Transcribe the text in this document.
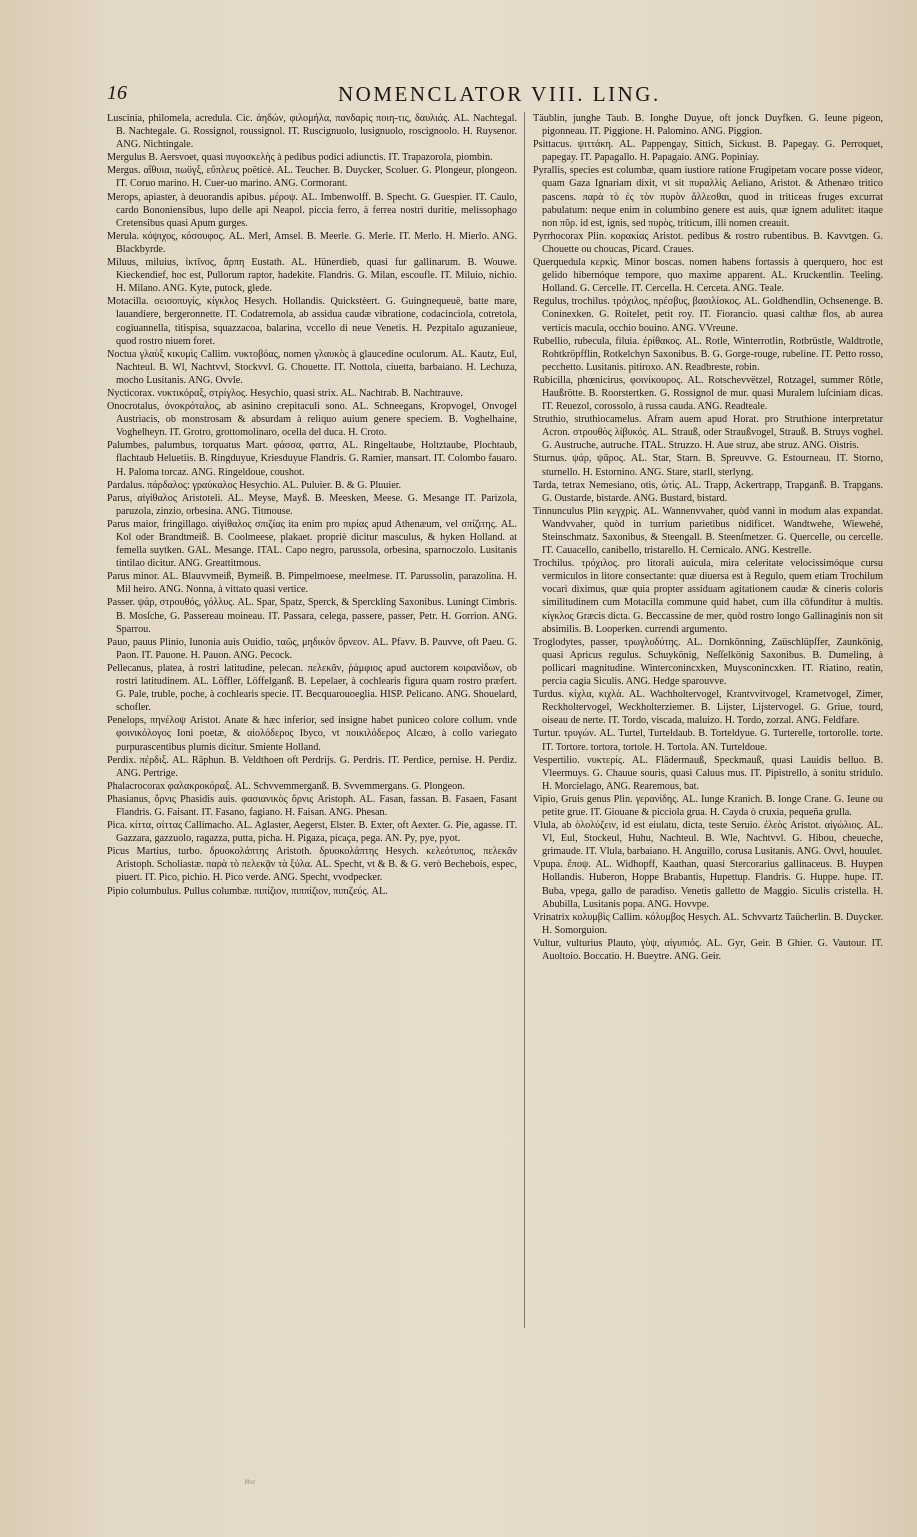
16	NOMENCLATOR VIII. LING.

Luscinia, philomela, acredula. Cic. ἀηδών, φιλομήλα, πανδαρὶς ποιη-τις, δαυλιάς. AL. Nachtegal. B. Nachtegale. G. Rossignol, roussignol. IT. Ruscignuolo, lusignuolo, roscignoolo. H. Ruysenor. ANG. Nichtingale.

Mergulus B. Aersvoet, quasi πυγοσκελὴς à pedibus podici adiunctis. IT. Trapazorola, piombin.

Mergus. αἴθυια, πωϋγξ, εὔπλευς poëticè. AL. Teucher. B. Duycker, Scoluer. G. Plongeur, plongeon. IT. Coruo marino. H. Cuer-uo marino. ANG. Cormorant.

Merops, apiaster, à deuorandis apibus. μέροψ. AL. Imbenwolff. B. Specht. G. Guespier. IT. Caulo, cardo Bononiensibus, lupo delle api Neapol. piccia ferro, à ferrea nostri duritie, melissophago Cretensibus quasi Apum gurges.

Merula. κόψιχος, κόσσυφος. AL. Merl, Amsel. B. Meerle. G. Merle. IT. Merlo. H. Mierlo. ANG. Blackbyrde.

Miluus, miluius, ἰκτῖνος, ἅρπη Eustath. AL. Hünerdieb, quasi fur gallinarum. B. Wouwe. Kieckendief, hoc est, Pullorum raptor, hadekite. Flandris. G. Milan, escoufle. IT. Miluio, nichio. H. Milano. ANG. Kyte, putock, glede.

Motacilla. σεισοπυγίς, κίγκλος Hesych. Hollandis. Quickstèert. G. Guingnequeuë, batte mare, lauandiere, bergeronnette. IT. Codatremola, ab assidua caudæ vibratione, codacinciola, cotretola, cogiuannella, titispisa, squazzacoa, balarina, vccello di neue Venetis. H. Pezpitalo aguzanieue, quod rostro niuem foret.

Noctua γλαὺξ κικυμὶς Callim. νυκτοβόας, nomen γλαυκὸς à glaucedine oculorum. AL. Kautz, Eul, Nachteul. B. Wl, Nachtvvl, Stockvvl. G. Chouette. IT. Nottola, ciuetta, barbaiano. H. Lechuza, mocho Lusitanis. ANG. Ovvle.

Nycticorax. νυκτικόραξ, στρίγλος. Hesychio, quasi strix. AL. Nachtrab. B. Nachtrauve.

Onocrotalus, ὀνοκρόταλος, ab asinino crepitaculi sono. AL. Schneegans, Kropvogel, Onvogel Austriacis, ob monstrosam & absurdam à reliquo auium genere speciem. B. Voghelhaine, Voghelheyn. IT. Grotro, grottomolinaro, ocella del duca. H. Croto.

Palumbes, palumbus, torquatus Mart. φάσσα, φαττα, AL. Ringeltaube, Holtztaube, Plochtaub, flachtaub Heluetiis. B. Ringduyue, Kriesduyue Flandris. G. Ramier, mansart. IT. Colombo fauaro. H. Paloma torcaz. ANG. Ringeldoue, coushot.

Pardalus. πάρδαλος: γραύκαλος Hesychio. AL. Pulυier. B. & G. Pluuier.

Parus, αἰγίθαλος Aristoteli. AL. Meyse, Mayß. B. Meesken, Meese. G. Mesange IT. Parizola, paruzola, zinzio, orbesina. ANG. Titmouse.

Parus maior, fringillago. αἰγίθαλος σπιζίας ita enim pro πιρίας apud Athenæum, vel σπίζιτης. AL. Kol oder Brandtmeiß. B. Coolmeese, plakaet. propriè dicitur masculus, & hyken Holland. at femella suytken. GAL. Mesange. ITAL. Capo negro, parussola, orbesina, sparnoczolo. Lusitanis tintilao dicitur. ANG. Greattitmous.

Parus minor. AL. Blauvvmeiß, Bymeiß. B. Pimpelmoese, meelmese. IT. Parussolin, parazolina. H. Mil heiro. ANG. Nonna, à vittato quasi vertice.

Passer. ψάρ, στρουθός, γόλλυς. AL. Spar, Spatz, Sperck, & Sperckling Saxonibus. Luningt Cimbris. B. Mosſche, G. Passereau moineau. IT. Passara, celega, passere, passer, Petr. H. Gorrion. ANG. Sparrou.

Pauo, pauus Plinio, Iunonia auis Ouidio, ταῶς, μηδικὸν ὄρνεον. AL. Pfavv. B. Pauvve, oft Paeu. G. Paon. IT. Pauone. H. Pauon. ANG. Pecock.

Pellecanus, platea, à rostri latitudine, pelecan. πελεκᾶν, ῥάμφιος apud auctorem κοιρανίδων, ob rostri latitudinem. AL. Löffler, Löffelganß. B. Lepelaer, à cochlearis figura quam rostro præfert. G. Pale, truble, poche, à cochlearis specie. IT. Becquarouoeglia. HISP. Pelicano. ANG. Shouelard, schofler.

Penelops, πηνέλοψ Aristot. Anate & hæc inferior, sed insigne habet puniceo colore collum. vnde φοινικόλογος Ioni poetæ, & αἰολόδερος Ibyco, vt ποικιλόδερος Alcæo, à collo variegato purpurascentibus plumis dicitur. Smiente Holland.

Perdix. πέρδιξ. AL. Räphun. B. Veldthoen oft Perdrijs. G. Perdris. IT. Perdice, pernise. H. Perdiz. ANG. Pertrige.

Phalacrocorax φαλακροκόραξ. AL. Schvvemmerganß. B. Svvemmergans. G. Plongeon.

Phasianus, ὄρνις Phasidis auis. φασιανικὸς ὄρνις Aristoph. AL. Fasan, fassan. B. Fasaen, Fasant Flandris. G. Faisant. IT. Fasano, fagiano. H. Faisan. ANG. Phesan.

Pica. κίττα, σίττας Callimacho. AL. Aglaster, Aegerst, Elster. B. Exter, oft Aexter. G. Pie, agasse. IT. Gazzara, gazzuolo, ragazza, putta, picha. H. Pigaza, picaça, pega. AN. Py, pye, pyot.

Picus Martius, turbo. δρυοκολάπτης Aristoth. δρυοκολάπτης Hesych. κελεότυπος, πελεκᾶν Aristoph. Scholiastæ. παρὰ τὸ πελεκᾷν τὰ ξύλα. AL. Specht, vt & B. & G. verò Bechebois, espec, piuert. IT. Pico, pichio. H. Pico verde. ANG. Specht, vvodpecker.

Pipio columbulus. Pullus columbæ. πιπίζιον, πιππίζιον, πιπιζεύς. AL.

Täublin, junghe Taub. B. Ionghe Duyue, oft jonck Duyfken. G. Ieune pigeon, pigonneau. IT. Piggione. H. Palomino. ANG. Piggion.

Psittacus. ψιττάκη. AL. Pappengay, Sittich, Sickust. B. Papegay. G. Perroquet, papegay. IT. Papagallo. H. Papagaio. ANG. Popiniay.

Pyrallis, species est columbæ, quam iustiore ratione Frugipetam vocare posse videor, quam Gaza Ignariam dixit, vt sit πυραλλὶς Aeliano, Aristot. & Athenæo tritico pascens. παρὰ τὸ ἐς τὸν πυρὸν ἅλλεσθαι, quod in triticeas fruges excurrat pabulatum: neque enim in columbino genere est auis, quæ ignem adulitet: itaque non πῦρ. id est, ignis, sed πυρὸς, triticum, illi nomen creauit.

Pyrrhocorax Plin. κορακίας Aristot. pedibus & rostro rubentibus. B. Kavvtgen. G. Chouette ou choucas, Picard. Craues.

Querquedula κερκὶς. Minor boscas. nomen habens fortassis à querquero, hoc est gelido hibernóque tempore, quo maxime apparent. AL. Kruckentlin. Teeling. Holland. G. Cercelle. IT. Cercella. H. Cerceta. ANG. Teale.

Regulus, trochilus. τρόχιλος, πρέσβυς, βασιλίσκος. AL. Goldhendlin, Ochsenenge. B. Coninexken. G. Roitelet, petit roy. IT. Fiorancio. quasi calthæ flos, ab aurea verticis macula, occhio bouino. ANG. VVreune.

Rubellio, rubecula, filuia. ἐρίθακος. AL. Rotle, Winterrotlin, Rotbrüstle, Waldtrotle, Rohtkröpfflin, Rotkelchyn Saxonibus. B. G. Gorge-rouge, rubeline. IT. Petto rosso, pecchetto. Lusitanis. pitiroxo. AN. Readbreste, robin.

Rubicilla, phœnicirus, φοινίκουρος. AL. Rotschevvëtzel, Rotzagel, summer Rôtle, Haußrötte. B. Roorstertken. G. Rossignol de mur. quasi Muralem luſciniam dicas. IT. Reuezol, corossolo, à russa cauda. ANG. Readteale.

Struthio, struthiocamelus. Afram auem apud Horat. pro Struthione interpretatur Acron. στρουθὸς λίβυκός. AL. Strauß, oder Straußvogel, Strauß. B. Struys voghel. G. Austruche, autruche. ITAL. Struzzo. H. Aue struz, abe struz. ANG. Oistris.

Sturnus. ψάρ, ψᾶρος. AL. Star, Starn. B. Spreuvve. G. Estourneau. IT. Storno, sturnello. H. Estornino. ANG. Stare, starll, sterlyng.

Tarda, tetrax Nemesiano, otis, ὠτὶς. AL. Trapp, Ackertrapp, Trapganß. B. Trapgans. G. Oustarde, bistarde. ANG. Bustard, bistard.

Tinnunculus Plin κεγχρὶς. AL. Wannenvvaher, quòd vanni in modum alas expandat. Wandvvaher, quòd in turrium parietibus nidificet. Wandtwehe, Wiewehé, Steinschmatz. Saxonibus, & Steengall. B. Steenſmetzer. G. Quercelle, ou cercelle. IT. Cauacello, canibello, tristarello. H. Cernicalo. ANG. Kestrelle.

Trochilus. τρόχιλος. pro litorali auicula, mira celeritate velocissimóque cursu vermiculos in litore consectante: quæ diuersa est à Regulo, quem etiam Trochilum vocari diximus, quæ quia propter assiduam agitationem caudæ & cineris coloris similitudinem cum Motacilla commune quid habet, cum illa cōfunditur à multis. κίγκλος Græcis dicta. G. Beccassine de mer, quòd rostro longo Gallinaginis non sit absimilis. B. Looperken. currendi argumento.

Troglodytes, passer, τρωγλοδύτης. AL. Dornkönning, Zaüschlüpſfer, Zaunkönig, quasi Apricus regulus. Schuykönig, Neſſelkönig Saxonibus. B. Dumeling, à pollicari magnitudine. Winterconincxken, Muysconincxken. IT. Riatino, reatin, percia cagia Siculis. ANG. Hedge sparouvve.

Turdus. κίχλα, κιχλὰ. AL. Wachholtervogel, Krantvvitvogel, Krametvogel, Zimer, Reckholtervogel, Weckholterziemer. B. Lijster, Lijstervogel. G. Griue, tourd, oiseau de nerte. IT. Tordo, viscada, maluizo. H. Tordo, zorzal. ANG. Feldfare.

Turtur. τρυγών. AL. Turtel, Turteldaub. B. Torteldyue. G. Turterelle, tortorolle. torte. IT. Tortore. tortora, tortole. H. Tortola. AN. Turteldoue.

Vespertilio. νυκτερίς. AL. Flädermauß, Speckmauß, quasi Lauidis belluo. B. Vleermuys. G. Chauue souris, quasi Caluus mus. IT. Pipistrello, à sonitu stridulo. H. Morcielago, ANG. Rearemous, bat.

Vipio, Gruis genus Plin. γερανίδης. AL. Iunge Kranich. B. Ionge Crane. G. Ieune ou petite grue. IT. Giouane & picciola grua. H. Cayda ò cruxia, pequeña grulla.

Vlula, ab ὀλολύζειν, id est eiulatu, dicta, teste Seruio. ἐλεὸς Aristot. αἰγώλιος. AL. Vl, Eul, Stockeul, Huhu, Nachteul. B. Wle, Nachtvvl. G. Hibou, cheueche, grimaude. IT. Vlula, barbaiano. H. Anguillo, corusa Lusitanis. ANG. Ovvl, houulet.

Vpupa. ἔποψ. AL. Widhopff, Kaathan, quasi Stercorarius gallinaceus. B. Huypen Hollandis. Huberon, Hoppe Brabantis, Hupettup. Flandris. G. Huppe. hupe. IT. Buba, vpega, gallo de paradiso. Venetis galletto de Maggio. Siculis cristella. H. Abubilla, Lusitanis popa. ANG. Hovvpe.

Vrinatrix κολυμβὶς Callim. κόλυμβος Hesych. AL. Schvvartz Taücherlin. B. Duycker. H. Somorguion.

Vultur, vulturius Plauto, γὺψ, αἰγυπιός. AL. Gyr, Geir. B Ghier. G. Vautour. IT. Auoltoio. Boccatio. H. Bueytre. ANG. Geir.

ᶠᴬˢᶜ
